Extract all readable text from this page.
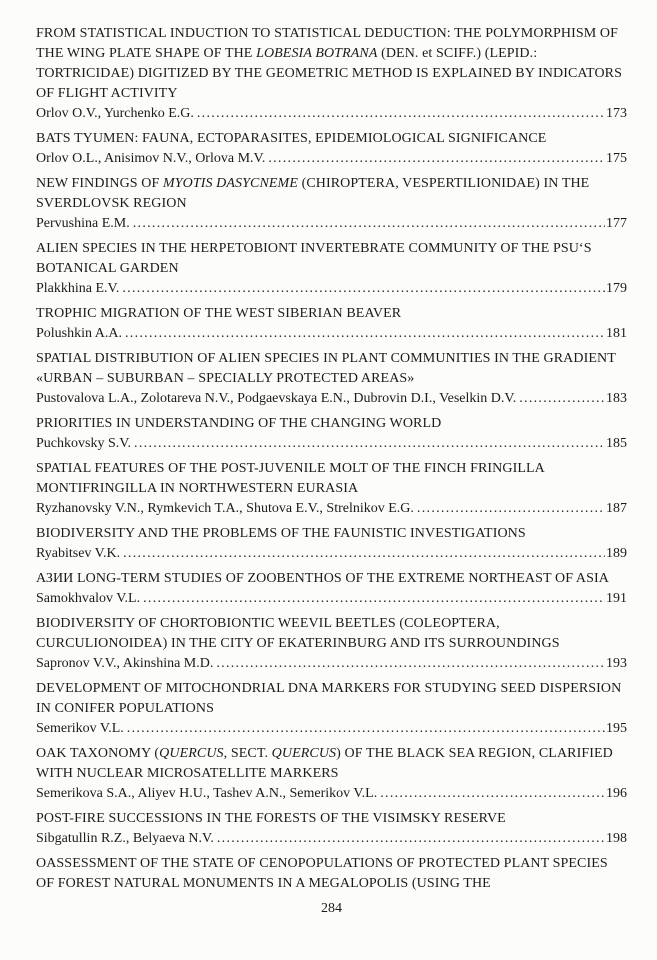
FROM STATISTICAL INDUCTION TO STATISTICAL DEDUCTION: THE POLYMORPHISM OF THE WING PLATE SHAPE OF THE LOBESIA BOTRANA (DEN. et SCIFF.) (LEPID.: TORTRICIDAE) DIGITIZED BY THE GEOMETRIC METHOD IS EXPLAINED BY INDICATORS OF FLIGHT ACTIVITY
Orlov O.V., Yurchenko E.G. .....	173
BATS TYUMEN: FAUNA, ECTOPARASITES, EPIDEMIOLOGICAL SIGNIFICANCE
Orlov O.L., Anisimov N.V., Orlova M.V. .....	175
NEW FINDINGS OF MYOTIS DASYCNEME (CHIROPTERA, VESPERTILIONIDAE) IN THE SVERDLOVSK REGION
Pervushina E.M. .....	177
ALIEN SPECIES IN THE HERPETOBIONT INVERTEBRATE COMMUNITY OF THE PSU‘S BOTANICAL GARDEN
Plakkhina E.V. .....	179
TROPHIC MIGRATION OF THE WEST SIBERIAN BEAVER
Polushkin A.A. .....	181
SPATIAL DISTRIBUTION OF ALIEN SPECIES IN PLANT COMMUNITIES IN THE GRADIENT «URBAN – SUBURBAN – SPECIALLY PROTECTED AREAS»
Pustovalova L.A., Zolotareva N.V., Podgaevskaya E.N., Dubrovin D.I., Veselkin D.V. .....	183
PRIORITIES IN UNDERSTANDING OF THE CHANGING WORLD
Puchkovsky S.V. .....	185
SPATIAL FEATURES OF THE POST-JUVENILE MOLT OF THE FINCH FRINGILLA MONTIFRINGILLA IN NORTHWESTERN EURASIA
Ryzhanovsky V.N., Rymkevich T.A., Shutova E.V., Strelnikov E.G. .....	187
BIODIVERSITY AND THE PROBLEMS OF THE FAUNISTIC INVESTIGATIONS
Ryabitsev V.K. .....	189
АЗИИ LONG-TERM STUDIES OF ZOOBENTHOS OF THE EXTREME NORTHEAST OF ASIA
Samokhvalov V.L. .....	191
BIODIVERSITY OF CHORTOBIONTIC WEEVIL BEETLES (COLEOPTERA, CURCULIONOIDEA) IN THE CITY OF EKATERINBURG AND ITS SURROUNDINGS
Sapronov V.V., Akinshina M.D. .....	193
DEVELOPMENT OF MITOCHONDRIAL DNA MARKERS FOR STUDYING SEED DISPERSION IN CONIFER POPULATIONS
Semerikov V.L. .....	195
OAK TAXONOMY (QUERCUS, SECT. QUERCUS) OF THE BLACK SEA REGION, CLARIFIED WITH NUCLEAR MICROSATELLITE MARKERS
Semerikova S.A., Aliyev H.U., Tashev A.N., Semerikov V.L. .....	196
POST-FIRE SUCCESSIONS IN THE FORESTS OF THE VISIMSKY RESERVE
Sibgatullin R.Z., Belyaeva N.V. .....	198
OASSESSMENT OF THE STATE OF CENOPOPULATIONS OF PROTECTED PLANT SPECIES OF FOREST NATURAL MONUMENTS IN A MEGALOPOLIS (USING THE
284
